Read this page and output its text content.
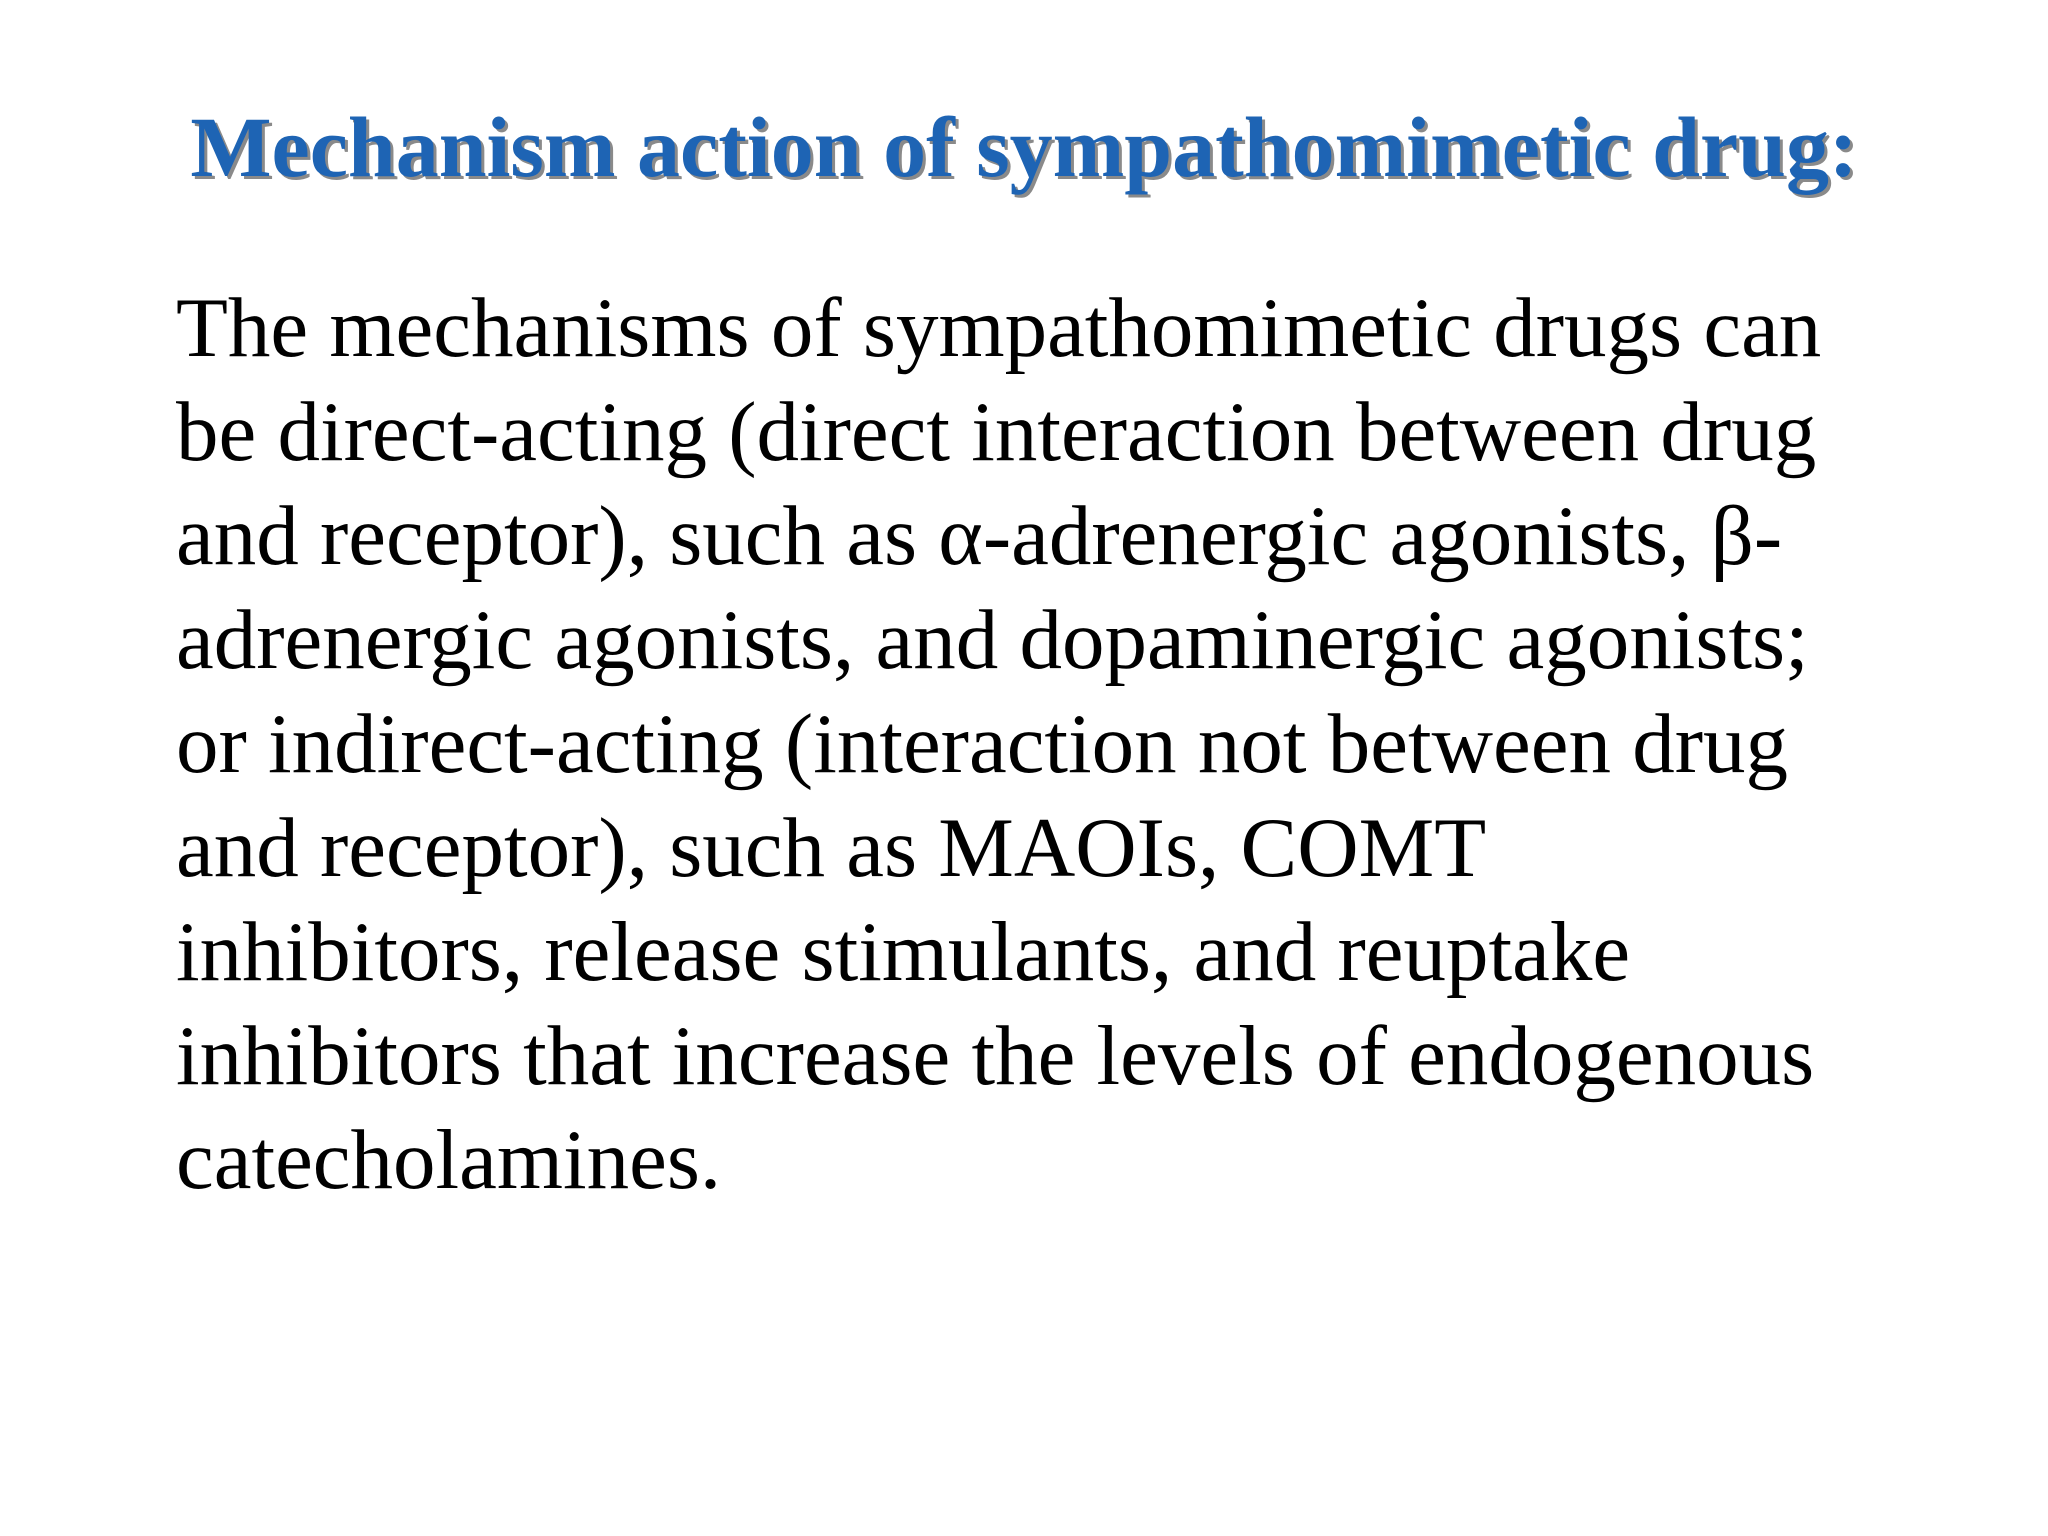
Mechanism action of sympathomimetic drug:
The mechanisms of sympathomimetic drugs can
be direct-acting (direct interaction between drug
and receptor), such as α-adrenergic agonists, β-
adrenergic agonists, and dopaminergic agonists;
or indirect-acting (interaction not between drug
and receptor), such as MAOIs, COMT
inhibitors, release stimulants, and reuptake
inhibitors that increase the levels of endogenous
catecholamines.
